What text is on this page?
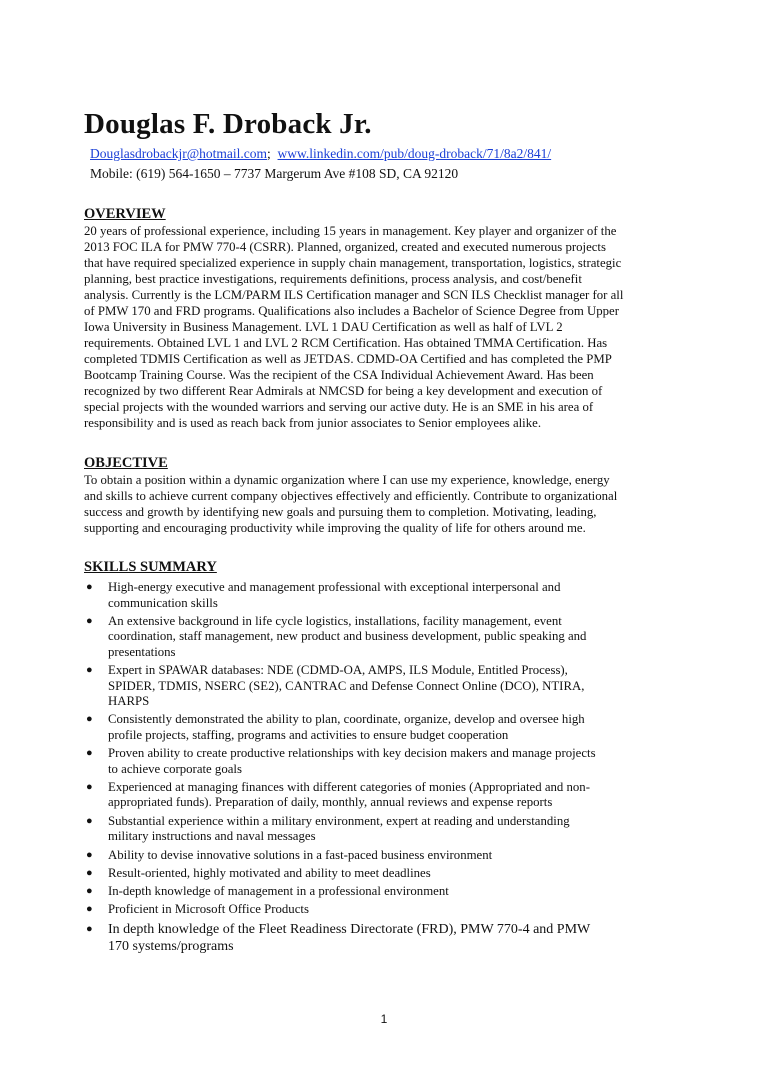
Douglas F. Droback Jr.
Douglasdrobackjr@hotmail.com; www.linkedin.com/pub/doug-droback/71/8a2/841/
Mobile: (619) 564-1650 – 7737 Margerum Ave #108 SD, CA 92120
OVERVIEW
20 years of professional experience, including 15 years in management. Key player and organizer of the
2013 FOC ILA for PMW 770-4 (CSRR). Planned, organized, created and executed numerous projects
that have required specialized experience in supply chain management, transportation, logistics, strategic
planning, best practice investigations, requirements definitions, process analysis, and cost/benefit
analysis. Currently is the LCM/PARM ILS Certification manager and SCN ILS Checklist manager for all
of PMW 170 and FRD programs. Qualifications also includes a Bachelor of Science Degree from Upper
Iowa University in Business Management. LVL 1 DAU Certification as well as half of LVL 2
requirements. Obtained LVL 1 and LVL 2 RCM Certification. Has obtained TMMA Certification. Has
completed TDMIS Certification as well as JETDAS. CDMD-OA Certified and has completed the PMP
Bootcamp Training Course. Was the recipient of the CSA Individual Achievement Award. Has been
recognized by two different Rear Admirals at NMCSD for being a key development and execution of
special projects with the wounded warriors and serving our active duty. He is an SME in his area of
responsibility and is used as reach back from junior associates to Senior employees alike.
OBJECTIVE
To obtain a position within a dynamic organization where I can use my experience, knowledge, energy
and skills to achieve current company objectives effectively and efficiently. Contribute to organizational
success and growth by identifying new goals and pursuing them to completion. Motivating, leading,
supporting and encouraging productivity while improving the quality of life for others around me.
SKILLS SUMMARY
● High-energy executive and management professional with exceptional interpersonal and
communication skills
● An extensive background in life cycle logistics, installations, facility management, event
coordination, staff management, new product and business development, public speaking and
presentations
● Expert in SPAWAR databases: NDE (CDMD-OA, AMPS, ILS Module, Entitled Process),
SPIDER, TDMIS, NSERC (SE2), CANTRAC and Defense Connect Online (DCO), NTIRA,
HARPS
● Consistently demonstrated the ability to plan, coordinate, organize, develop and oversee high
profile projects, staffing, programs and activities to ensure budget cooperation
● Proven ability to create productive relationships with key decision makers and manage projects
to achieve corporate goals
● Experienced at managing finances with different categories of monies (Appropriated and non-
appropriated funds). Preparation of daily, monthly, annual reviews and expense reports
● Substantial experience within a military environment, expert at reading and understanding
military instructions and naval messages
● Ability to devise innovative solutions in a fast-paced business environment
● Result-oriented, highly motivated and ability to meet deadlines
● In-depth knowledge of management in a professional environment
● Proficient in Microsoft Office Products
● In depth knowledge of the Fleet Readiness Directorate (FRD), PMW 770-4 and PMW
170 systems/programs
1
